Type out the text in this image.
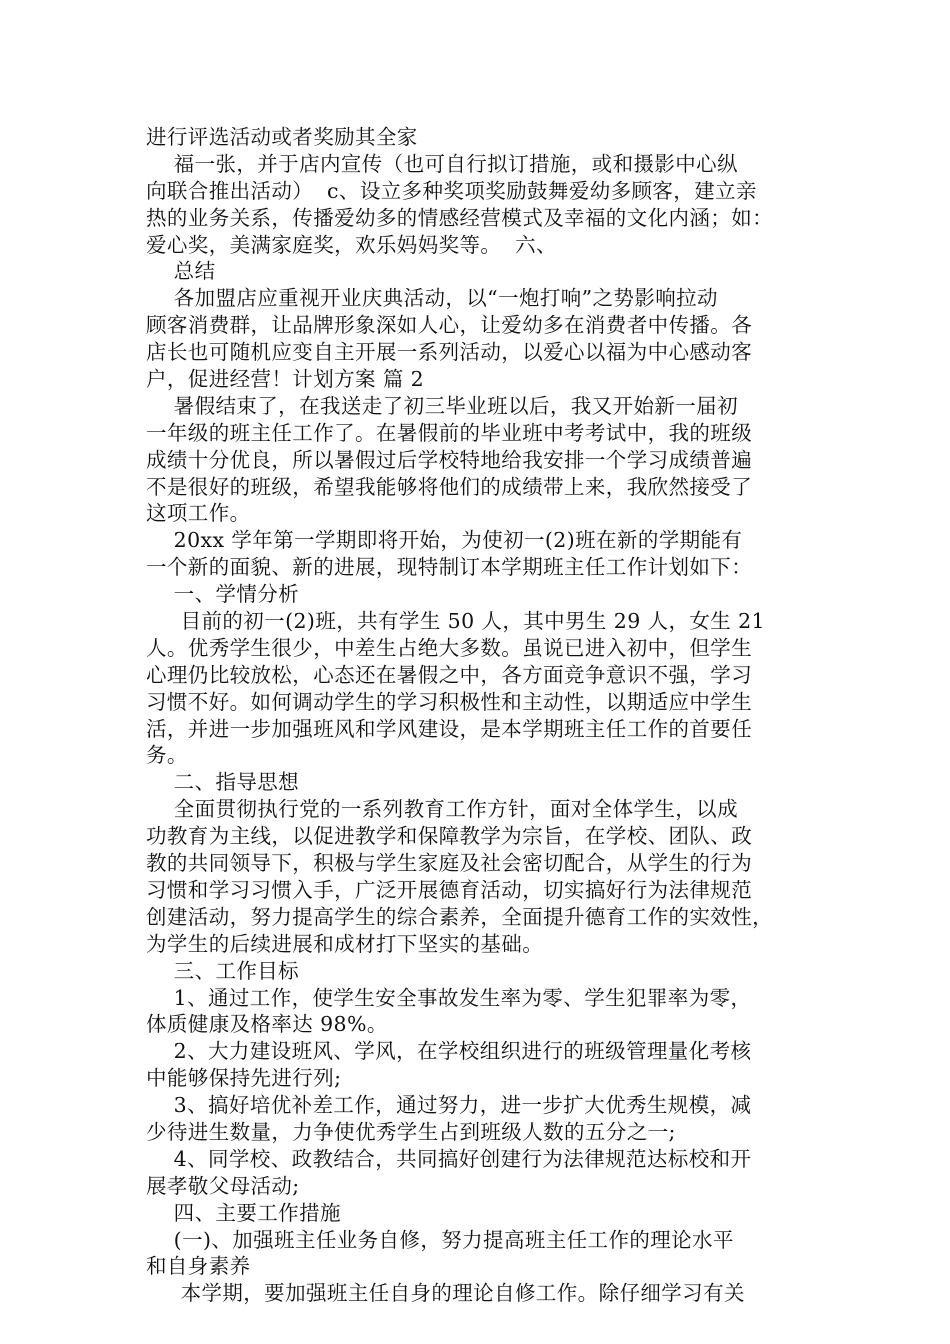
进行评选活动或者奖励其全家
福一张，并于店内宣传（也可自行拟订措施，或和摄影中心纵
向联合推出活动）  c、设立多种奖项奖励鼓舞爱幼多顾客，建立亲
热的业务关系，传播爱幼多的情感经营模式及幸福的文化内涵；如：
爱心奖，美满家庭奖，欢乐妈妈奖等。  六、
总结
各加盟店应重视开业庆典活动，以“一炮打响”之势影响拉动
顾客消费群，让品牌形象深如人心，让爱幼多在消费者中传播。各
店长也可随机应变自主开展一系列活动，以爱心以福为中心感动客
户，促进经营！计划方案 篇 2
暑假结束了，在我送走了初三毕业班以后，我又开始新一届初
一年级的班主任工作了。在暑假前的毕业班中考考试中，我的班级
成绩十分优良，所以暑假过后学校特地给我安排一个学习成绩普遍
不是很好的班级，希望我能够将他们的成绩带上来，我欣然接受了
这项工作。
20xx 学年第一学期即将开始，为使初一(2)班在新的学期能有
一个新的面貌、新的进展，现特制订本学期班主任工作计划如下：
一、学情分析
目前的初一(2)班，共有学生 50 人，其中男生 29 人，女生 21
人。优秀学生很少，中差生占绝大多数。虽说已进入初中，但学生
心理仍比较放松，心态还在暑假之中，各方面竞争意识不强，学习
习惯不好。如何调动学生的学习积极性和主动性，以期适应中学生
活，并进一步加强班风和学风建设，是本学期班主任工作的首要任
务。
二、指导思想
全面贯彻执行党的一系列教育工作方针，面对全体学生，以成
功教育为主线，以促进教学和保障教学为宗旨，在学校、团队、政
教的共同领导下，积极与学生家庭及社会密切配合，从学生的行为
习惯和学习习惯入手，广泛开展德育活动，切实搞好行为法律规范
创建活动，努力提高学生的综合素养，全面提升德育工作的实效性，
为学生的后续进展和成材打下坚实的基础。
三、工作目标
1、通过工作，使学生安全事故发生率为零、学生犯罪率为零，
体质健康及格率达 98%。
2、大力建设班风、学风，在学校组织进行的班级管理量化考核
中能够保持先进行列;
3、搞好培优补差工作，通过努力，进一步扩大优秀生规模，减
少待进生数量，力争使优秀学生占到班级人数的五分之一;
4、同学校、政教结合，共同搞好创建行为法律规范达标校和开
展孝敬父母活动;
四、主要工作措施
(一)、加强班主任业务自修，努力提高班主任工作的理论水平
和自身素养
本学期，要加强班主任自身的理论自修工作。除仔细学习有关
